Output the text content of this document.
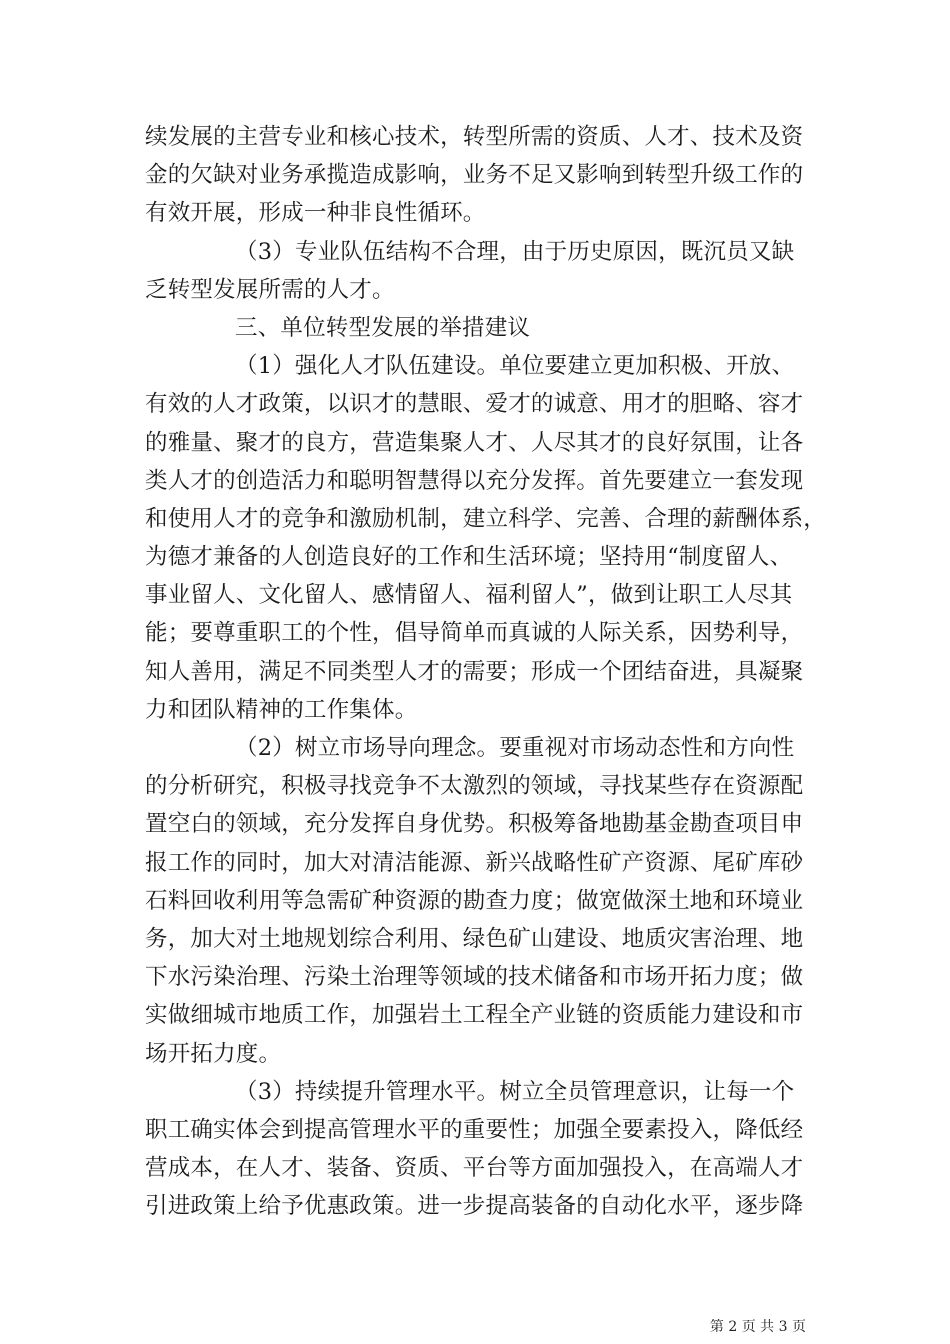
续发展的主营专业和核心技术，转型所需的资质、人才、技术及资
金的欠缺对业务承揽造成影响，业务不足又影响到转型升级工作的
有效开展，形成一种非良性循环。
（3）专业队伍结构不合理，由于历史原因，既沉员又缺
乏转型发展所需的人才。
三、单位转型发展的举措建议
（1）强化人才队伍建设。单位要建立更加积极、开放、
有效的人才政策，以识才的慧眼、爱才的诚意、用才的胆略、容才
的雅量、聚才的良方，营造集聚人才、人尽其才的良好氛围，让各
类人才的创造活力和聪明智慧得以充分发挥。首先要建立一套发现
和使用人才的竞争和激励机制，建立科学、完善、合理的薪酬体系，
为德才兼备的人创造良好的工作和生活环境；坚持用“制度留人、
事业留人、文化留人、感情留人、福利留人”，做到让职工人尽其
能；要尊重职工的个性，倡导简单而真诚的人际关系，因势利导，
知人善用，满足不同类型人才的需要；形成一个团结奋进，具凝聚
力和团队精神的工作集体。
（2）树立市场导向理念。要重视对市场动态性和方向性
的分析研究，积极寻找竞争不太激烈的领域，寻找某些存在资源配
置空白的领域，充分发挥自身优势。积极筹备地勘基金勘查项目申
报工作的同时，加大对清洁能源、新兴战略性矿产资源、尾矿库砂
石料回收利用等急需矿种资源的勘查力度；做宽做深土地和环境业
务，加大对土地规划综合利用、绿色矿山建设、地质灾害治理、地
下水污染治理、污染土治理等领域的技术储备和市场开拓力度；做
实做细城市地质工作，加强岩土工程全产业链的资质能力建设和市
场开拓力度。
（3）持续提升管理水平。树立全员管理意识，让每一个
职工确实体会到提高管理水平的重要性；加强全要素投入，降低经
营成本，在人才、装备、资质、平台等方面加强投入，在高端人才
引进政策上给予优惠政策。进一步提高装备的自动化水平，逐步降
第 2 页 共 3 页
